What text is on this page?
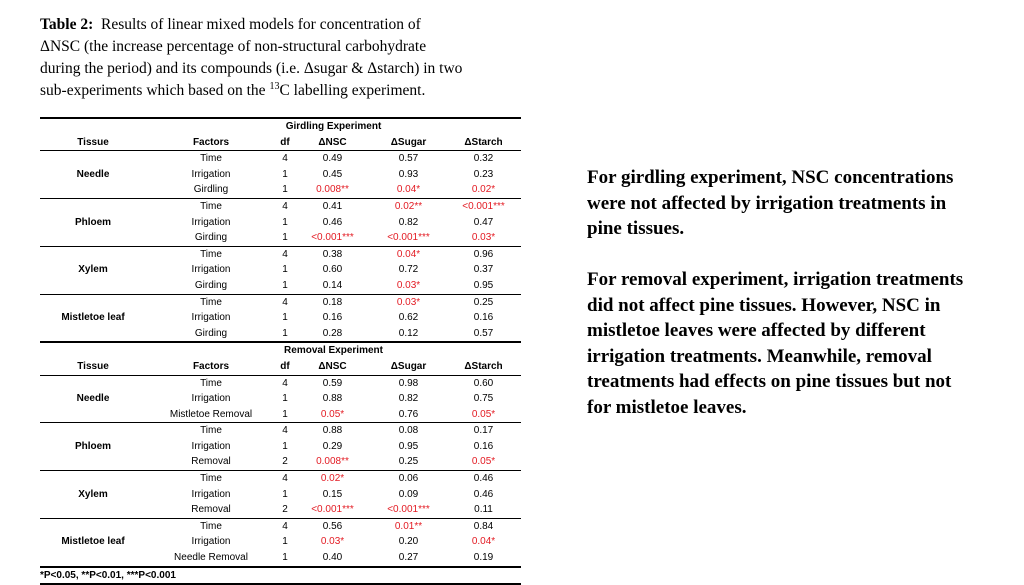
Table 2: Results of linear mixed models for concentration of
ΔNSC (the increase percentage of non-structural carbohydrate
during the period) and its compounds (i.e. Δsugar & Δstarch) in two
sub-experiments which based on the $^{13}$C labelling experiment.
	Girdling Experiment				
Tissue	Factors	df	ΔNSC	ΔSugar	ΔStarch
	Time	4	0.49	0.57	0.32
Needle	Irrigation	1	0.45	0.93	0.23
	Girdling	1	0.008**	0.04*	0.02*
	Time	4	0.41	0.02**	<0.001***
Phloem	Irrigation	1	0.46	0.82	0.47
	Girding	1	<0.001***	<0.001***	0.03*
	Time	4	0.38	0.04*	0.96
Xylem	Irrigation	1	0.60	0.72	0.37
	Girding	1	0.14	0.03*	0.95
	Time	4	0.18	0.03*	0.25
Mistletoe leaf	Irrigation	1	0.16	0.62	0.16
	Girding	1	0.28	0.12	0.57
	Removal Experiment				
Tissue	Factors	df	ΔNSC	ΔSugar	ΔStarch
	Time	4	0.59	0.98	0.60
Needle	Irrigation	1	0.88	0.82	0.75
	Mistletoe Removal	1	0.05*	0.76	0.05*
	Time	4	0.88	0.08	0.17
Phloem	Irrigation	1	0.29	0.95	0.16
	Removal	2	0.008**	0.25	0.05*
	Time	4	0.02*	0.06	0.46
Xylem	Irrigation	1	0.15	0.09	0.46
	Removal	2	<0.001***	<0.001***	0.11
	Time	4	0.56	0.01**	0.84
Mistletoe leaf	Irrigation	1	0.03*	0.20	0.04*
	Needle Removal	1	0.40	0.27	0.19
*P<0.05, **P<0.01, ***P<0.001					
For girdling experiment, NSC concentrations were not affected by irrigation treatments in pine tissues.
For removal experiment, irrigation treatments did not affect pine tissues. However, NSC in mistletoe leaves were affected by different irrigation treatments. Meanwhile, removal treatments had effects on pine tissues but not for mistletoe leaves.
